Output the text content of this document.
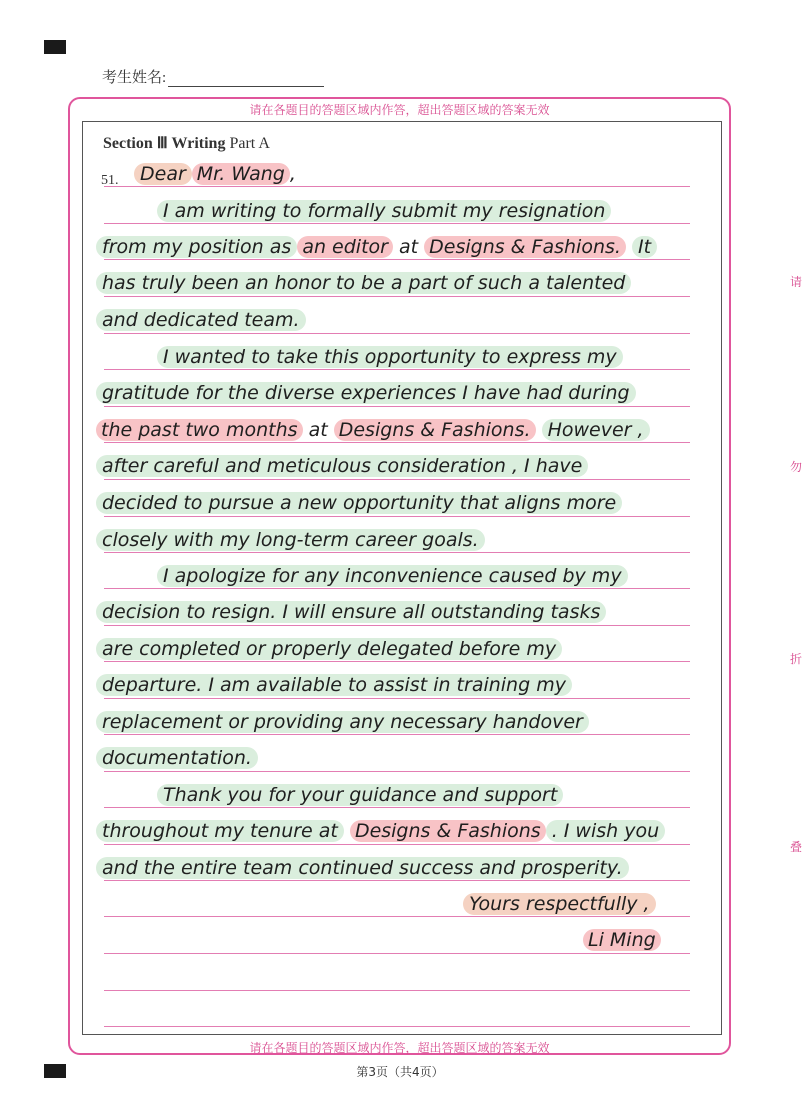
考生姓名:
请在各题目的答题区域内作答，超出答题区域的答案无效
请在各题目的答题区域内作答，超出答题区域的答案无效
Section Ⅲ Writing Part A
51.	Dear Mr. Wang ,
I am writing to formally submit my resignation
from my position as an editor at Designs & Fashions. It
has truly been an honor to be a part of such a talented
and dedicated team.
I wanted to take this opportunity to express my
gratitude for the diverse experiences I have had during
the past two months at Designs & Fashions. However ,
after careful and meticulous consideration , I have
decided to pursue a new opportunity that aligns more
closely with my long-term career goals.
I apologize for any inconvenience caused by my
decision to resign. I will ensure all outstanding tasks
are completed or properly delegated before my
departure. I am available to assist in training my
replacement or providing any necessary handover
documentation.
Thank you for your guidance and support
throughout my tenure at Designs & Fashions . I wish you
and the entire team continued success and prosperity.
Yours respectfully ,
Li Ming
第3页（共4页）
请
勿
折
叠
